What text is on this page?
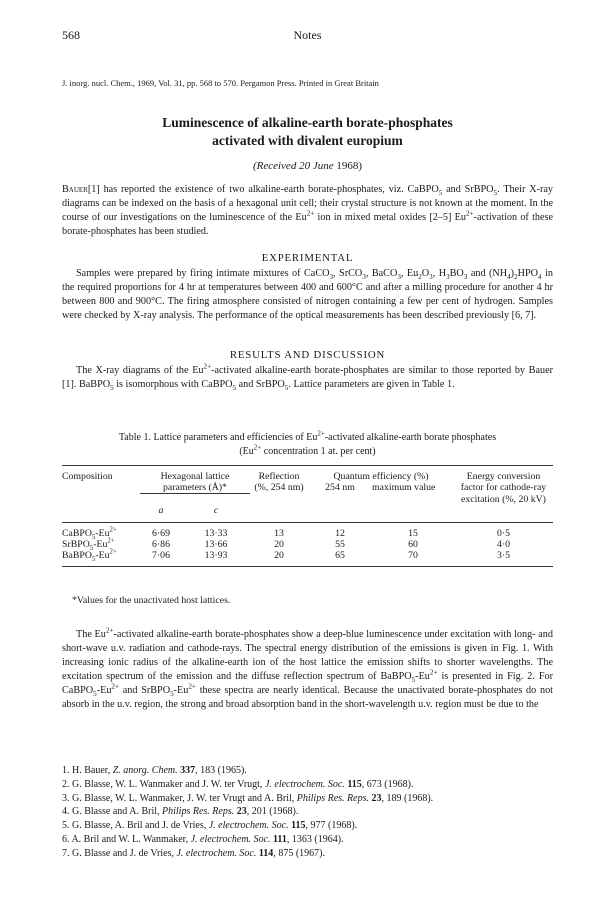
568	Notes
J. inorg. nucl. Chem., 1969, Vol. 31, pp. 568 to 570. Pergamon Press. Printed in Great Britain
Luminescence of alkaline-earth borate-phosphates
activated with divalent europium
(Received 20 June 1968)

Bauer[1] has reported the existence of two alkaline-earth borate-phosphates, viz. CaBPO$_5$ and SrBPO$_5$. Their X-ray diagrams can be indexed on the basis of a hexagonal unit cell; their crystal structure is not known at the moment. In the course of our investigations on the luminescence of the $Eu^{2+}$ ion in mixed metal oxides [2–5] $Eu^{2+}$-activation of these borate-phosphates has been studied.

EXPERIMENTAL

Samples were prepared by firing intimate mixtures of CaCO$_3$, SrCO$_3$, BaCO$_3$, $Eu_2O_3$, $H_3BO_3$ and $(NH_4)_2HPO_4$ in the required proportions for 4 hr at temperatures between 400 and 600°C and after a milling procedure for another 4 hr between 800 and 900°C. The firing atmosphere consisted of nitrogen containing a few per cent of hydrogen. Samples were checked by X-ray analysis. The performance of the optical measurements has been described previously [6, 7].

RESULTS AND DISCUSSION

The X-ray diagrams of the $Eu^{2+}$-activated alkaline-earth borate-phosphates are similar to those reported by Bauer [1]. BaBPO$_5$ is isomorphous with CaBPO$_5$ and SrBPO$_5$. Lattice parameters are given in Table 1.

Table 1. Lattice parameters and efficiencies of $Eu^{2+}$-activated alkaline-earth borate phosphates
($Eu^{2+}$ concentration 1 at. per cent)
Composition	Hexagonal lattice		Reflection	Quantum efficiency (%)		Energy conversion
	parameters (Å)*		(%, 254 nm)	254 nm	maximum value	factor for cathode-ray
						excitation (%, 20 kV)
	a	c				
$CaBPO_5-Eu^{2+}$	6·69	13·33	13	12	15	0·5
$SrBPO_5-Eu^{2+}$	6·86	13·66	20	55	60	4·0
$BaBPO_5-Eu^{2+}$	7·06	13·93	20	65	70	3·5
*Values for the unactivated host lattices.

The $Eu^{2+}$-activated alkaline-earth borate-phosphates show a deep-blue luminescence under excitation with long- and short-wave u.v. radiation and cathode-rays. The spectral energy distribution of the emissions is given in Fig. 1. With increasing ionic radius of the alkaline-earth ion of the host lattice the emission shifts to shorter wavelengths. The excitation spectrum of the emission and the diffuse reflection spectrum of $BaBPO_5-Eu^{2+}$ is presented in Fig. 2. For $CaBPO_5-Eu^{2+}$ and $SrBPO_5-Eu^{2+}$ these spectra are nearly identical. Because the unactivated borate-phosphates do not absorb in the u.v. region, the strong and broad absorption band in the short-wavelength u.v. region must be due to the

1. H. Bauer, Z. anorg. Chem. 337, 183 (1965).
2. G. Blasse, W. L. Wanmaker and J. W. ter Vrugt, J. electrochem. Soc. 115, 673 (1968).
3. G. Blasse, W. L. Wanmaker, J. W. ter Vrugt and A. Bril, Philips Res. Reps. 23, 189 (1968).
4. G. Blasse and A. Bril, Philips Res. Reps. 23, 201 (1968).
5. G. Blasse, A. Bril and J. de Vries, J. electrochem. Soc. 115, 977 (1968).
6. A. Bril and W. L. Wanmaker, J. electrochem. Soc. 111, 1363 (1964).
7. G. Blasse and J. de Vries, J. electrochem. Soc. 114, 875 (1967).
